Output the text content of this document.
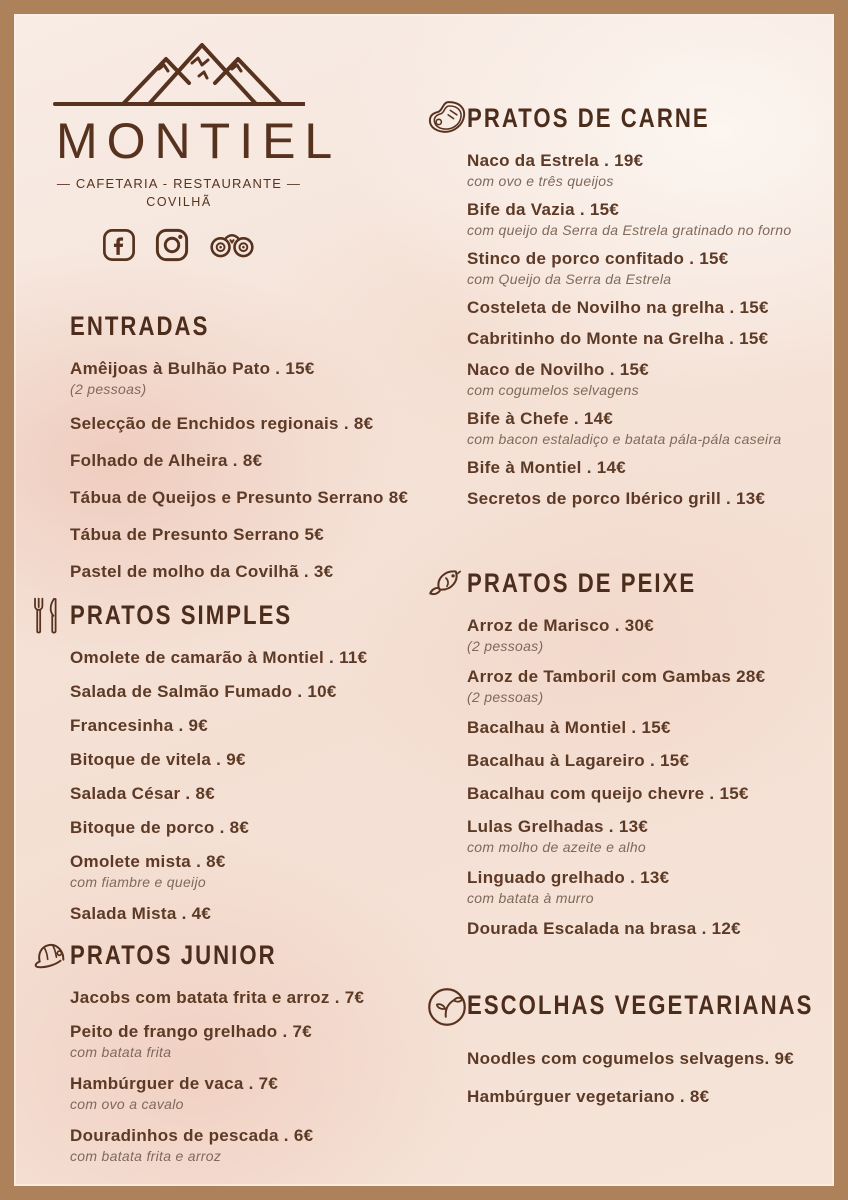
MONTIEL
— CAFETARIA - RESTAURANTE —
COVILHÃ
ENTRADAS
Amêijoas à Bulhão Pato . 15€
(2 pessoas)
Selecção de Enchidos regionais . 8€
Folhado de Alheira . 8€
Tábua de Queijos e Presunto Serrano 8€
Tábua de Presunto Serrano 5€
Pastel de molho da Covilhã . 3€
PRATOS SIMPLES
Omolete de camarão à Montiel . 11€
Salada de Salmão Fumado . 10€
Francesinha . 9€
Bitoque de vitela . 9€
Salada César . 8€
Bitoque de porco . 8€
Omolete mista . 8€
com fiambre e queijo
Salada Mista . 4€
PRATOS JUNIOR
Jacobs com batata frita e arroz . 7€
Peito de frango grelhado . 7€
com batata frita
Hambúrguer de vaca . 7€
com ovo a cavalo
Douradinhos de pescada . 6€
com batata frita e arroz
PRATOS DE CARNE
Naco da Estrela . 19€
com ovo e três queijos
Bife da Vazia . 15€
com queijo da Serra da Estrela gratinado no forno
Stinco de porco confitado . 15€
com Queijo da Serra da Estrela
Costeleta de Novilho na grelha . 15€
Cabritinho do Monte na Grelha . 15€
Naco de Novilho . 15€
com cogumelos selvagens
Bife à Chefe . 14€
com bacon estaladiço e batata pála-pála caseira
Bife à Montiel . 14€
Secretos de porco Ibérico grill . 13€
PRATOS DE PEIXE
Arroz de Marisco . 30€
(2 pessoas)
Arroz de Tamboril com Gambas 28€
(2 pessoas)
Bacalhau à Montiel . 15€
Bacalhau à Lagareiro . 15€
Bacalhau com queijo chevre . 15€
Lulas Grelhadas . 13€
com molho de azeite e alho
Linguado grelhado . 13€
com batata à murro
Dourada Escalada na brasa . 12€
ESCOLHAS VEGETARIANAS
Noodles com cogumelos selvagens. 9€
Hambúrguer vegetariano . 8€
